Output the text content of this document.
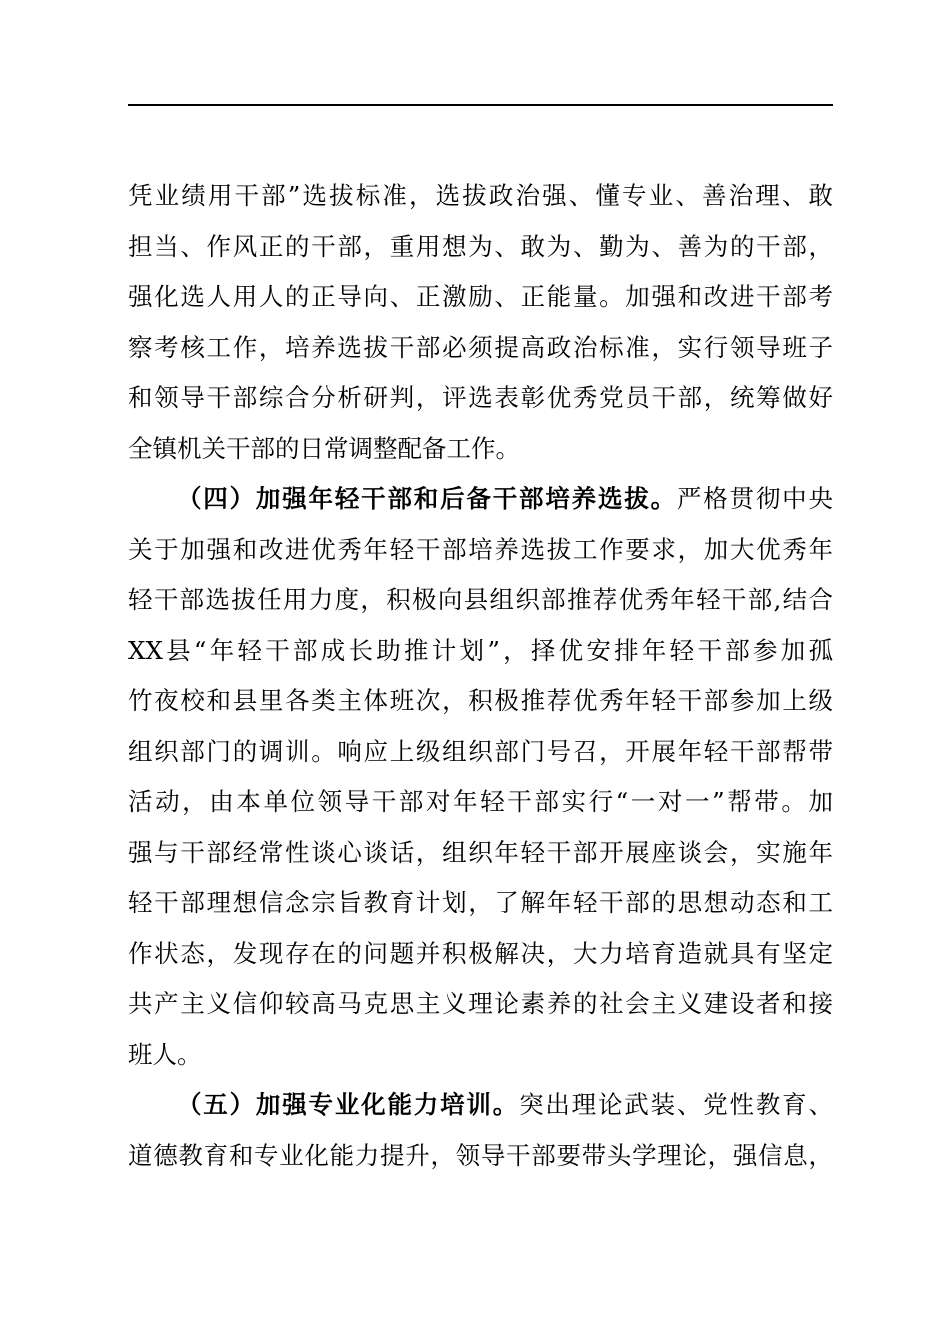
凭业绩用干部”选拔标准，选拔政治强、懂专业、善治理、敢
担当、作风正的干部，重用想为、敢为、勤为、善为的干部，
强化选人用人的正导向、正激励、正能量。加强和改进干部考
察考核工作，培养选拔干部必须提高政治标准，实行领导班子
和领导干部综合分析研判，评选表彰优秀党员干部，统筹做好
全镇机关干部的日常调整配备工作。
（四）加强年轻干部和后备干部培养选拔。严格贯彻中央
关于加强和改进优秀年轻干部培养选拔工作要求，加大优秀年
轻干部选拔任用力度，积极向县组织部推荐优秀年轻干部,结合
XX县“年轻干部成长助推计划”，择优安排年轻干部参加孤
竹夜校和县里各类主体班次，积极推荐优秀年轻干部参加上级
组织部门的调训。响应上级组织部门号召，开展年轻干部帮带
活动，由本单位领导干部对年轻干部实行“一对一”帮带。加
强与干部经常性谈心谈话，组织年轻干部开展座谈会，实施年
轻干部理想信念宗旨教育计划，了解年轻干部的思想动态和工
作状态，发现存在的问题并积极解决，大力培育造就具有坚定
共产主义信仰较高马克思主义理论素养的社会主义建设者和接
班人。
（五）加强专业化能力培训。突出理论武装、党性教育、
道德教育和专业化能力提升，领导干部要带头学理论，强信息，
